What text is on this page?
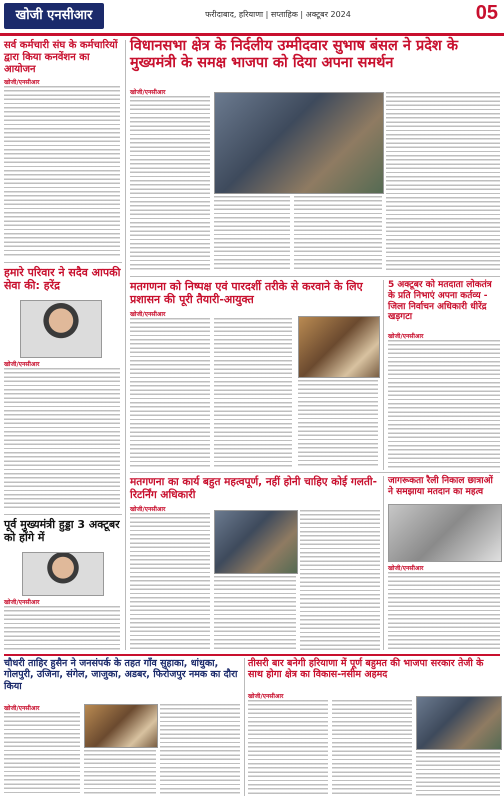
खोजी एनसीआर	फरीदाबाद, हरियाणा | सप्ताहिक | अक्टूबर 2024	05
सर्व कर्मचारी संघ के कर्मचारियों द्वारा किया कनवेंशन का आयोजन
खोजी/एनसीआर
हमारे परिवार ने सदैव आपकी सेवा की: हरेंद्र
खोजी/एनसीआर
पूर्व मुख्यमंत्री हुड्डा 3 अक्टूबर को होंगे में
खोजी/एनसीआर
विधानसभा क्षेत्र के निर्दलीय उम्मीदवार सुभाष बंसल ने प्रदेश के मुख्यमंत्री के समक्ष भाजपा को दिया अपना समर्थन
खोजी/एनसीआर
मतगणना को निष्पक्ष एवं पारदर्शी तरीके से करवाने के लिए प्रशासन की पूरी तैयारी-आयुक्त
खोजी/एनसीआर
5 अक्टूबर को मतदाता लोकतंत्र के प्रति निभाएं अपना कर्तव्य - जिला निर्वाचन अधिकारी धीरेंद्र खड़गटा
खोजी/एनसीआर
मतगणना का कार्य बहुत महत्वपूर्ण, नहीं होनी चाहिए कोई गलती-रिटर्निंग अधिकारी
खोजी/एनसीआर
जागरूकता रैली निकाल छात्राओं ने समझाया मतदान का महत्व
खोजी/एनसीआर
चौधरी ताहिर हुसैन ने जनसंपर्क के तहत गाँव सुहाका, धांधुका, गोलपुरी, उजिना, संगेल, जाजुका, अडबर, फिरोजपुर नमक का दौरा किया
खोजी/एनसीआर
तीसरी बार बनेगी हरियाणा में पूर्ण बहुमत की भाजपा सरकार तेजी के साथ होगा क्षेत्र का विकास-नसीम अहमद
खोजी/एनसीआर
